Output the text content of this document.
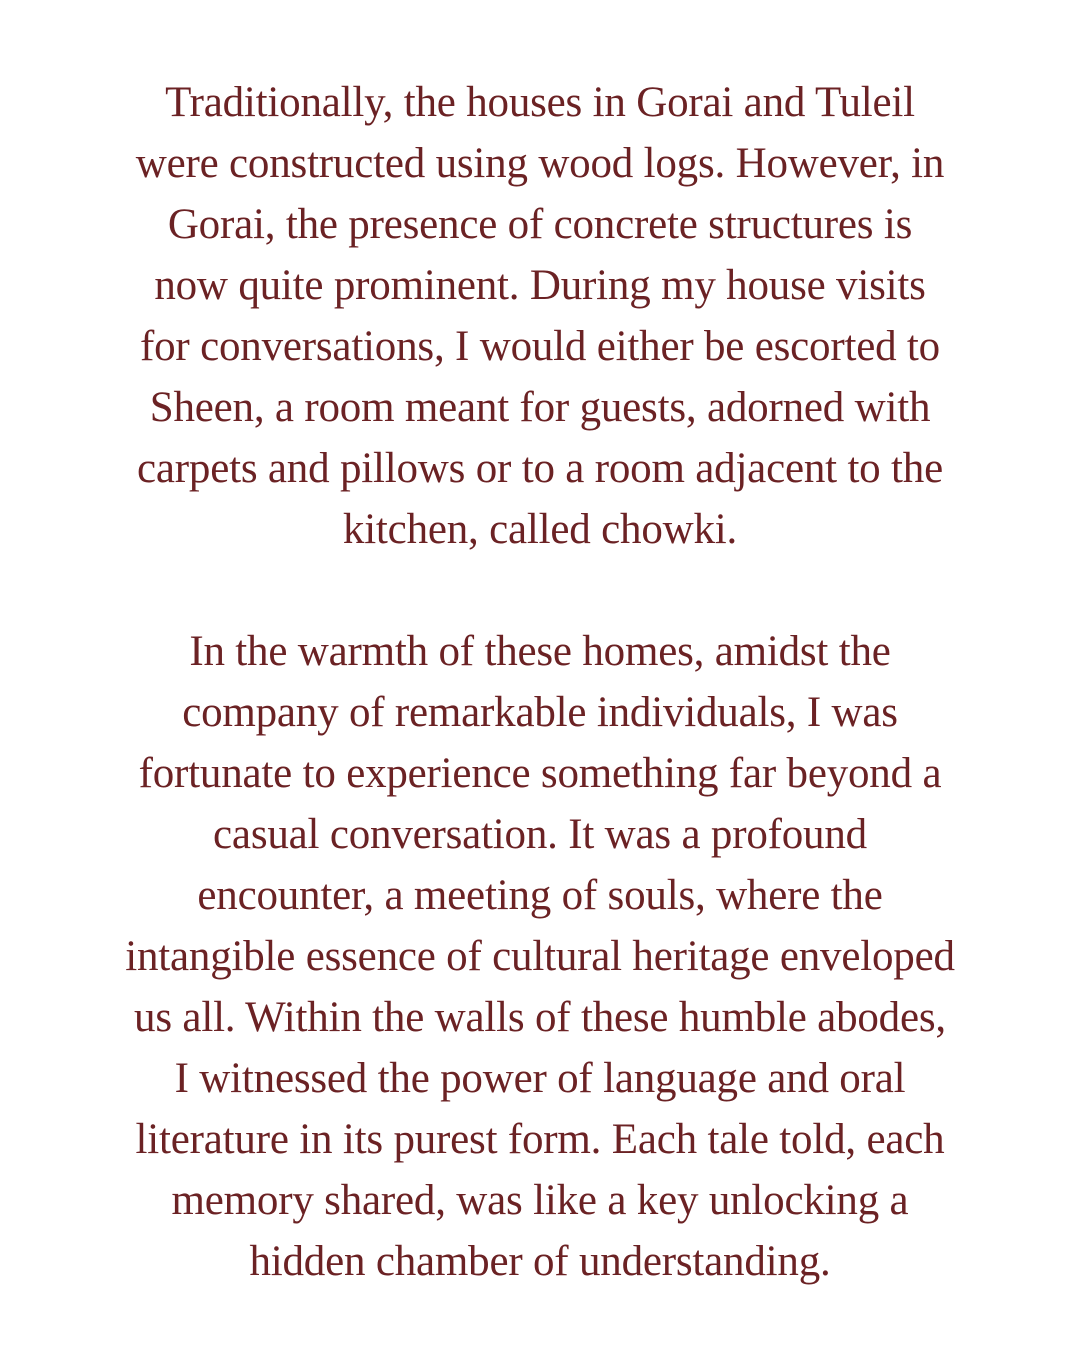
Traditionally, the houses in Gorai and Tuleil
were constructed using wood logs. However, in
Gorai, the presence of concrete structures is
now quite prominent. During my house visits
for conversations, I would either be escorted to
Sheen, a room meant for guests, adorned with
carpets and pillows or to a room adjacent to the
kitchen, called chowki.

In the warmth of these homes, amidst the
company of remarkable individuals, I was
fortunate to experience something far beyond a
casual conversation. It was a profound
encounter, a meeting of souls, where the
intangible essence of cultural heritage enveloped
us all. Within the walls of these humble abodes,
I witnessed the power of language and oral
literature in its purest form. Each tale told, each
memory shared, was like a key unlocking a
hidden chamber of understanding.
